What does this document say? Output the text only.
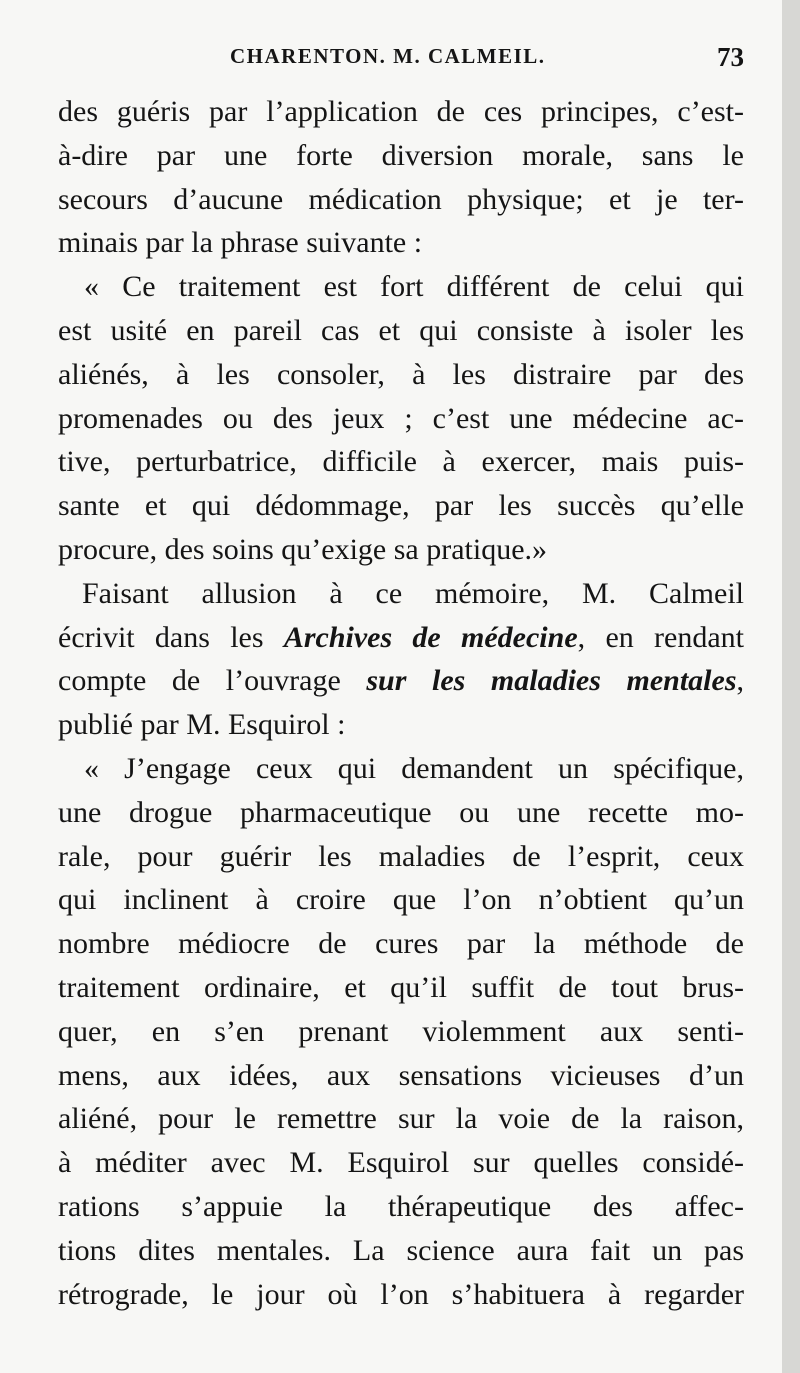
CHARENTON. M. CALMEIL.	73
des guéris par l’application de ces principes, c’est-
à-dire par une forte diversion morale, sans le
secours d’aucune médication physique; et je ter-
minais par la phrase suivante :
« Ce traitement est fort différent de celui qui
est usité en pareil cas et qui consiste à isoler les
aliénés, à les consoler, à les distraire par des
promenades ou des jeux ; c’est une médecine ac-
tive, perturbatrice, difficile à exercer, mais puis-
sante et qui dédommage, par les succès qu’elle
procure, des soins qu’exige sa pratique.»
Faisant allusion à ce mémoire, M. Calmeil
écrivit dans les Archives de médecine, en rendant
compte de l’ouvrage sur les maladies mentales,
publié par M. Esquirol :
« J’engage ceux qui demandent un spécifique,
une drogue pharmaceutique ou une recette mo-
rale, pour guérir les maladies de l’esprit, ceux
qui inclinent à croire que l’on n’obtient qu’un
nombre médiocre de cures par la méthode de
traitement ordinaire, et qu’il suffit de tout brus-
quer, en s’en prenant violemment aux senti-
mens, aux idées, aux sensations vicieuses d’un
aliéné, pour le remettre sur la voie de la raison,
à méditer avec M. Esquirol sur quelles considé-
rations s’appuie la thérapeutique des affec-
tions dites mentales. La science aura fait un pas
rétrograde, le jour où l’on s’habituera à regarder
